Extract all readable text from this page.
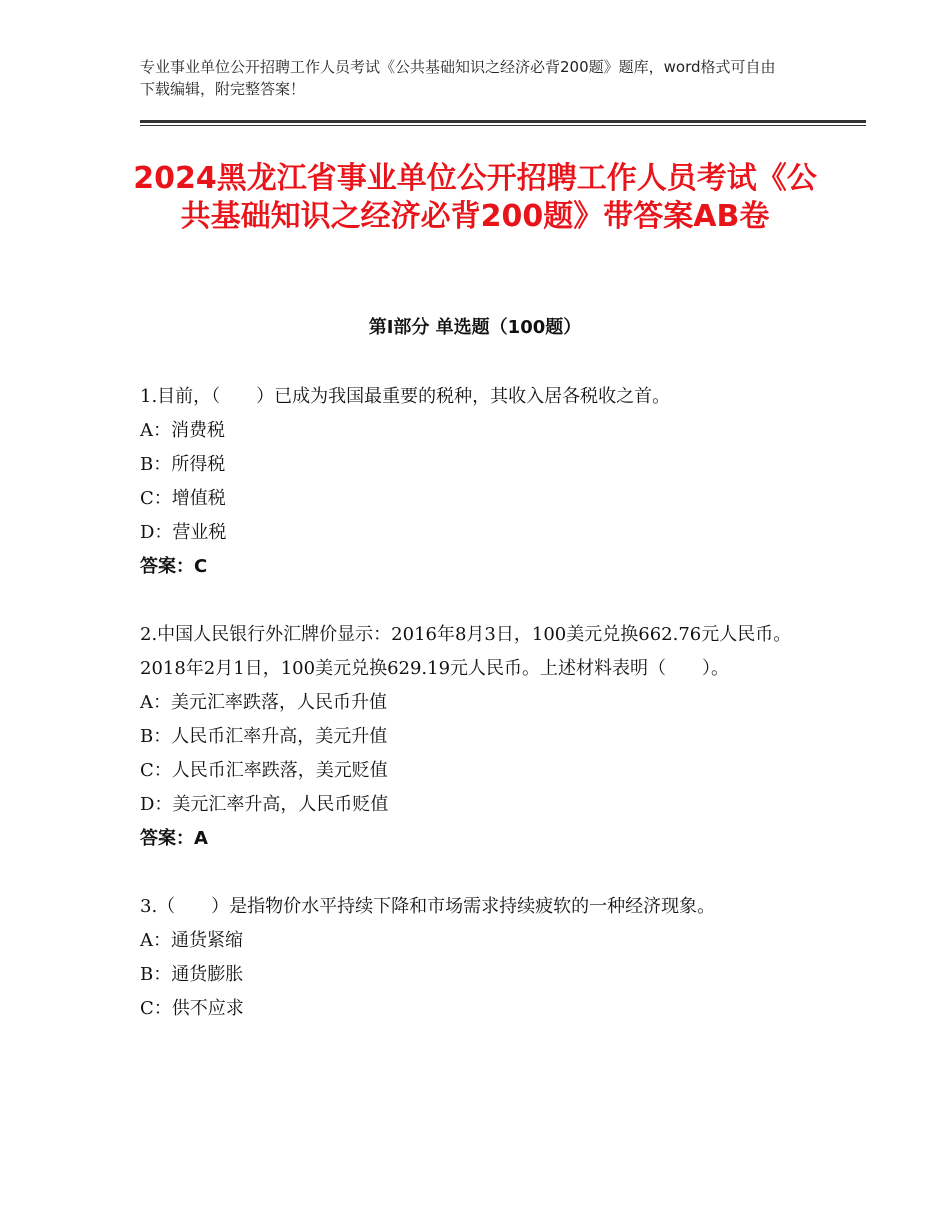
专业事业单位公开招聘工作人员考试《公共基础知识之经济必背200题》题库，word格式可自由下载编辑，附完整答案！
2024黑龙江省事业单位公开招聘工作人员考试《公共基础知识之经济必背200题》带答案AB卷
第Ⅰ部分 单选题（100题）

1.目前，（　　）已成为我国最重要的税种，其收入居各税收之首。

A：消费税

B：所得税

C：增值税

D：营业税

答案：C

2.中国人民银行外汇牌价显示：2016年8月3日，100美元兑换662.76元人民币。2018年2月1日，100美元兑换629.19元人民币。上述材料表明（　　）。

A：美元汇率跌落，人民币升值

B：人民币汇率升高，美元升值

C：人民币汇率跌落，美元贬值

D：美元汇率升高，人民币贬值

答案：A

3.（　　）是指物价水平持续下降和市场需求持续疲软的一种经济现象。

A：通货紧缩

B：通货膨胀

C：供不应求
